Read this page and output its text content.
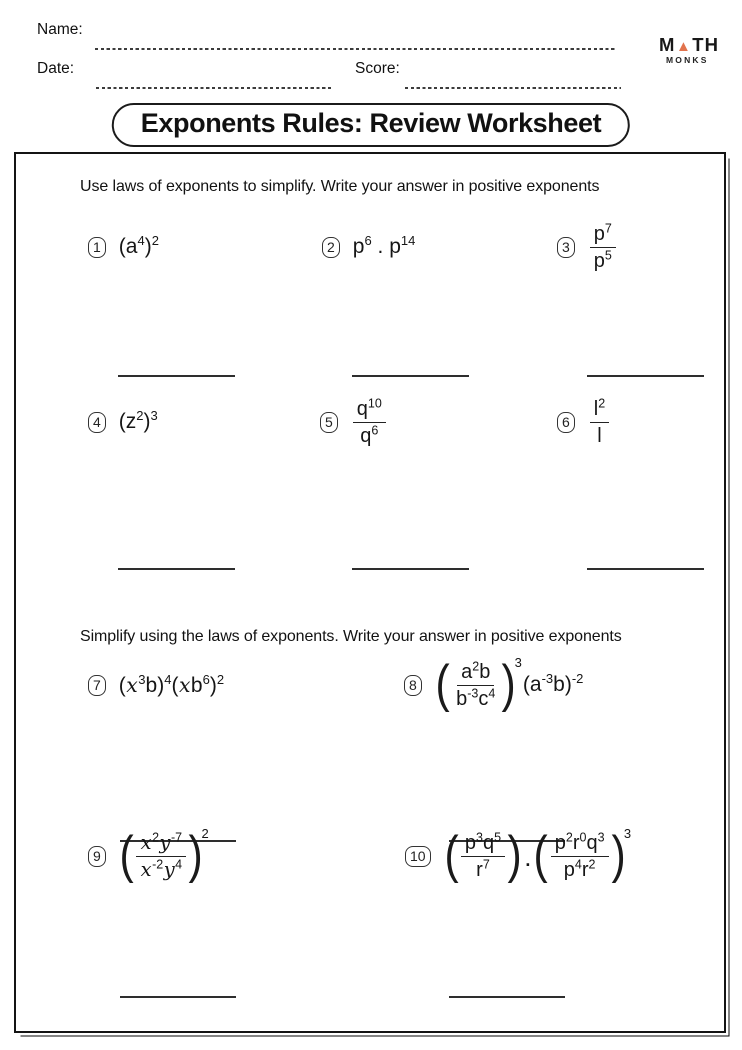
Name:
Date:	Score:
M ▲ TH
MONKS
Exponents Rules: Review Worksheet
Use laws of exponents to simplify. Write your answer in positive exponents
1 $(a^4)^2$	2 $p^6$ . $p^{14}$	$3 \frac{p^7}{p^5}$
4 $(z^2)^3$	$5 \frac{q^{10}}{q^6}$	$6 \frac{l^2}{l}$
Simplify using the laws of exponents. Write your answer in positive exponents
7 $(x^3b)^4(xb^6)^2$	8 ( $\frac{a^2b}{b^{-3}c^4}$ )
3
$(a^{-3}b)^{-2}$
9 ( $\frac{x^2y^{-7}}{x^{-2}y^4}$ )
2
10 ( $\frac{p^3q^5}{r^7}$ ) . ( $\frac{p^2r^0q^3}{p^4r^2}$ )
3
